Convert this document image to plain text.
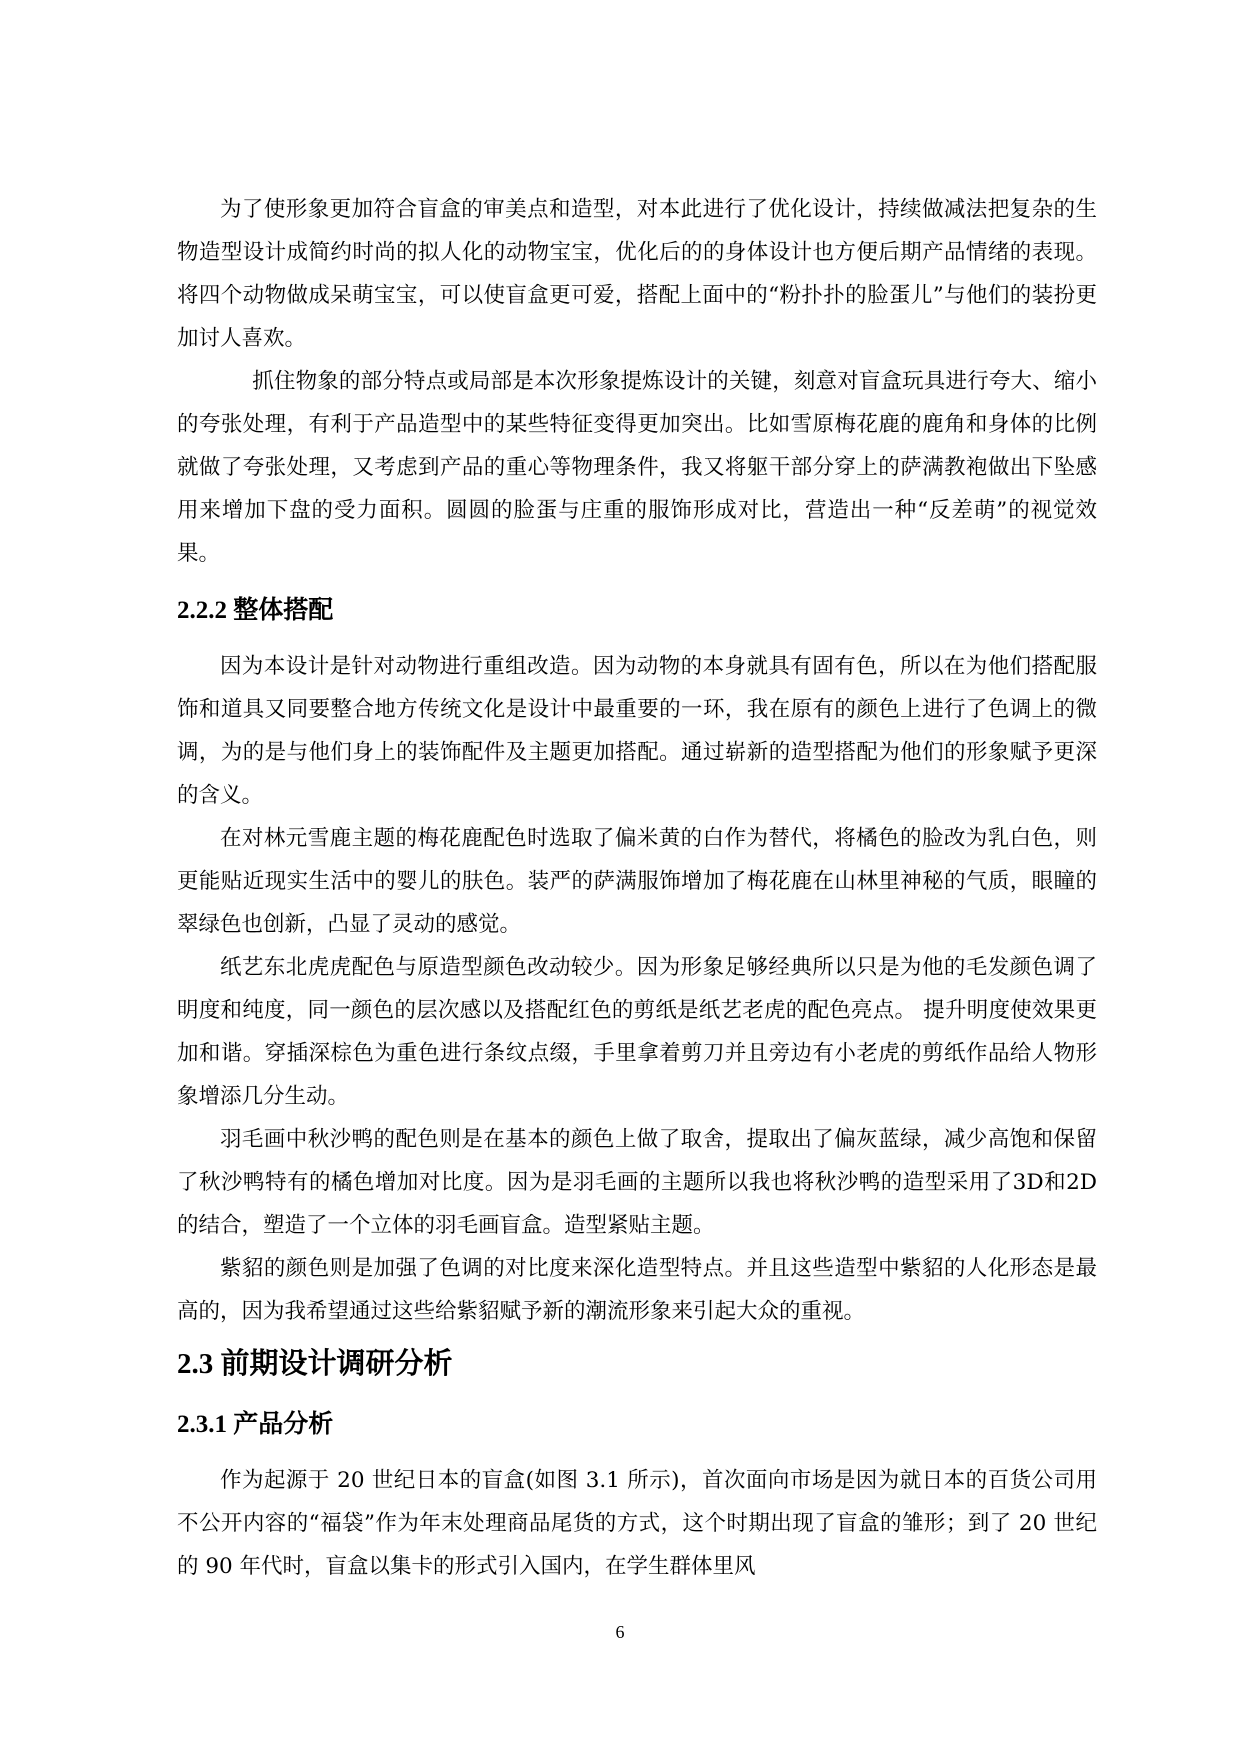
为了使形象更加符合盲盒的审美点和造型，对本此进行了优化设计，持续做减法把复杂的生物造型设计成简约时尚的拟人化的动物宝宝，优化后的的身体设计也方便后期产品情绪的表现。将四个动物做成呆萌宝宝，可以使盲盒更可爱，搭配上面中的“粉扑扑的脸蛋儿”与他们的装扮更加讨人喜欢。

抓住物象的部分特点或局部是本次形象提炼设计的关键，刻意对盲盒玩具进行夸大、缩小的夸张处理，有利于产品造型中的某些特征变得更加突出。比如雪原梅花鹿的鹿角和身体的比例就做了夸张处理，又考虑到产品的重心等物理条件，我又将躯干部分穿上的萨满教袍做出下坠感用来增加下盘的受力面积。圆圆的脸蛋与庄重的服饰形成对比，营造出一种“反差萌”的视觉效果。

2.2.2 整体搭配

因为本设计是针对动物进行重组改造。因为动物的本身就具有固有色，所以在为他们搭配服饰和道具又同要整合地方传统文化是设计中最重要的一环，我在原有的颜色上进行了色调上的微调，为的是与他们身上的装饰配件及主题更加搭配。通过崭新的造型搭配为他们的形象赋予更深的含义。

在对林元雪鹿主题的梅花鹿配色时选取了偏米黄的白作为替代，将橘色的脸改为乳白色，则更能贴近现实生活中的婴儿的肤色。装严的萨满服饰增加了梅花鹿在山林里神秘的气质，眼瞳的翠绿色也创新，凸显了灵动的感觉。

纸艺东北虎虎配色与原造型颜色改动较少。因为形象足够经典所以只是为他的毛发颜色调了明度和纯度，同一颜色的层次感以及搭配红色的剪纸是纸艺老虎的配色亮点。 提升明度使效果更加和谐。穿插深棕色为重色进行条纹点缀，手里拿着剪刀并且旁边有小老虎的剪纸作品给人物形象增添几分生动。

羽毛画中秋沙鸭的配色则是在基本的颜色上做了取舍，提取出了偏灰蓝绿，减少高饱和保留了秋沙鸭特有的橘色增加对比度。因为是羽毛画的主题所以我也将秋沙鸭的造型采用了3D和2D的结合，塑造了一个立体的羽毛画盲盒。造型紧贴主题。

紫貂的颜色则是加强了色调的对比度来深化造型特点。并且这些造型中紫貂的人化形态是最高的，因为我希望通过这些给紫貂赋予新的潮流形象来引起大众的重视。

2.3 前期设计调研分析
2.3.1 产品分析

作为起源于 20 世纪日本的盲盒(如图 3.1 所示)，首次面向市场是因为就日本的百货公司用不公开内容的“福袋”作为年末处理商品尾货的方式，这个时期出现了盲盒的雏形；到了 20 世纪的 90 年代时，盲盒以集卡的形式引入国内，在学生群体里风

6
